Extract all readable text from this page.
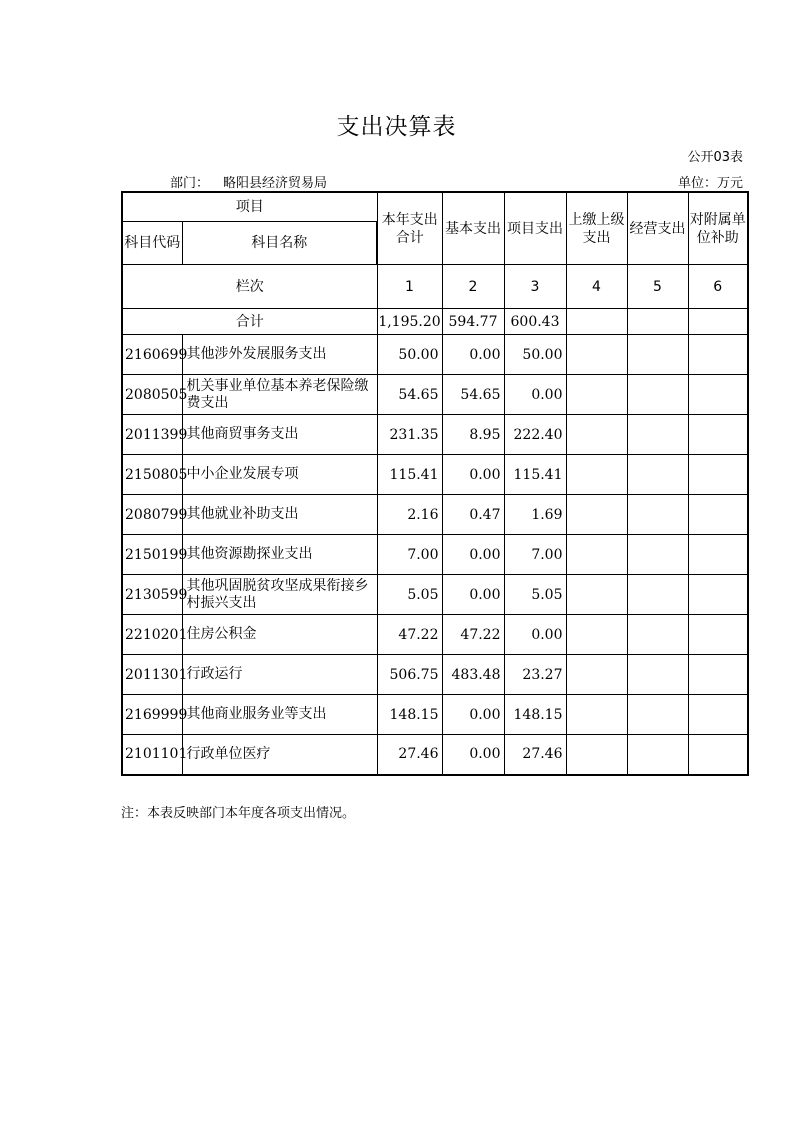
支出决算表
公开03表
部门： 略阳县经济贸易局	单位：万元
项目		本年支出合计	基本支出	项目支出	上缴上级支出	经营支出	对附属单位补助
科目代码	科目名称						
栏次		1	2	3	4	5	6
合计		1,195.20	594.77	600.43			
2160699	其他涉外发展服务支出	50.00	0.00	50.00			
2080505	机关事业单位基本养老保险缴费支出	54.65	54.65	0.00			
2011399	其他商贸事务支出	231.35	8.95	222.40			
2150805	中小企业发展专项	115.41	0.00	115.41			
2080799	其他就业补助支出	2.16	0.47	1.69			
2150199	其他资源勘探业支出	7.00	0.00	7.00			
2130599	其他巩固脱贫攻坚成果衔接乡村振兴支出	5.05	0.00	5.05			
2210201	住房公积金	47.22	47.22	0.00			
2011301	行政运行	506.75	483.48	23.27			
2169999	其他商业服务业等支出	148.15	0.00	148.15			
2101101	行政单位医疗	27.46	0.00	27.46			
注：本表反映部门本年度各项支出情况。
